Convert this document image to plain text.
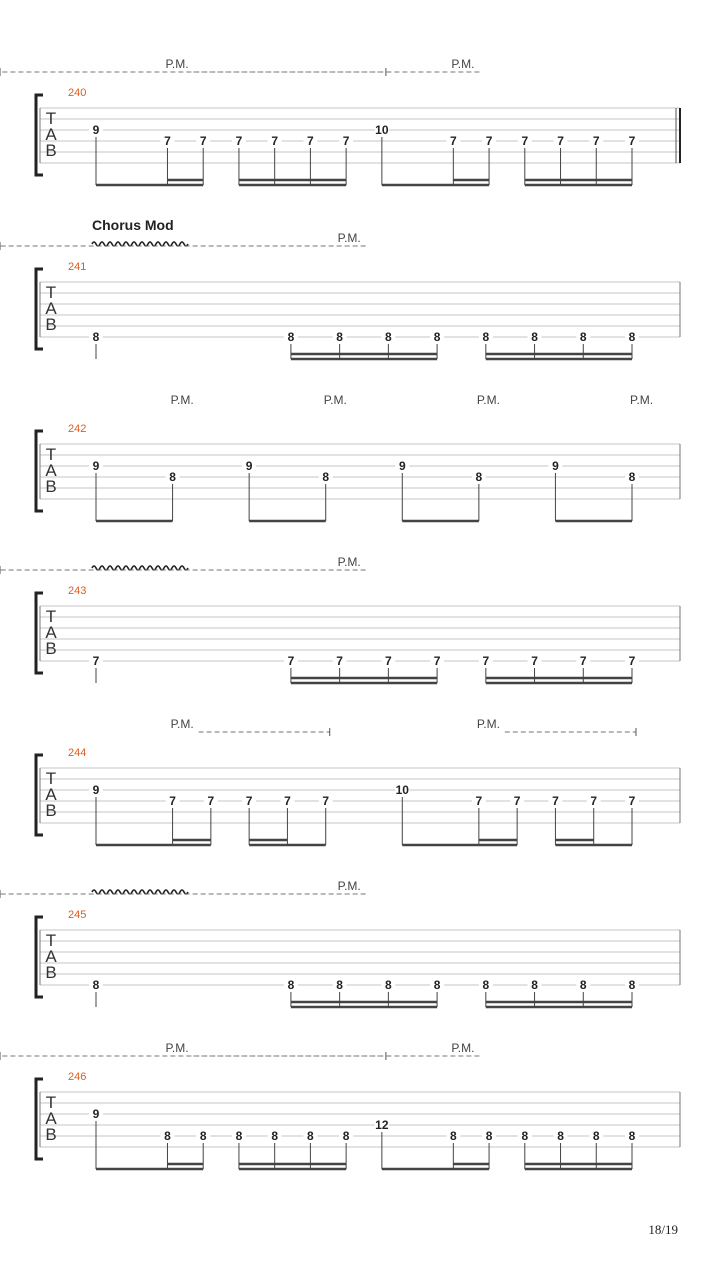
T
A
B
240
P.M.	P.M.
9
7 7 7 7 7 7
10
7 7 7 7 7 7
T
A
B
241
Chorus Mod
P.M.
8	8	8	8	8	8	8	8	8
T
A
B
242
P.M.	P.M.	P.M.	P.M.
9
8
9
8
9
8
9
8
T
A
B
243
P.M.
7	7	7	7	7	7	7	7	7
T
A
B
244
P.M.	P.M.
9
7	7	7	7	7
10
7	7	7	7	7
T
A
B
245
P.M.
8	8	8	8	8	8	8	8	8
T
A
B
246
P.M.	P.M.
9
8 8 8 8 8 8
12
8 8 8 8 8 8
18/19
